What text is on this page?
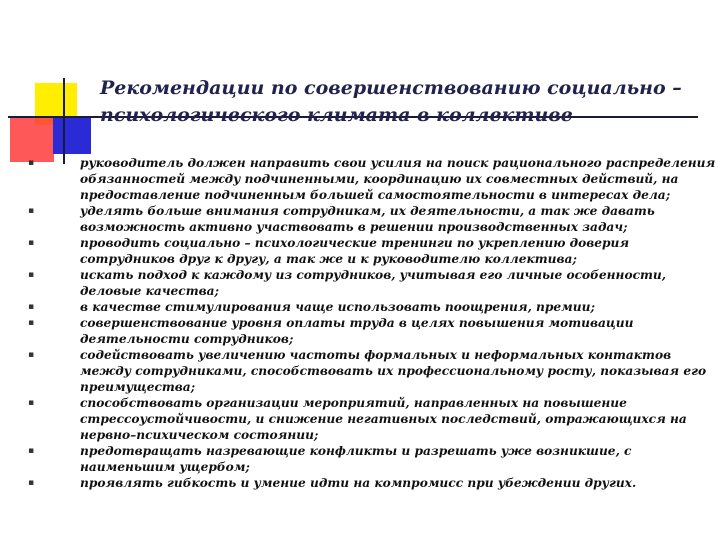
Рекомендации по совершенствованию социально –
психологического климата в коллективе
▪	руководитель должен направить свои усилия на поиск рационального распределения
обязанностей между подчиненными, координацию их совместных действий, на
предоставление подчиненным большей самостоятельности в интересах дела;
▪	уделять больше внимания сотрудникам, их деятельности, а так же давать
возможность активно участвовать в решении производственных задач;
▪	проводить социально – психологические тренинги по укреплению доверия
сотрудников друг к другу, а так же и к руководителю коллектива;
▪	искать подход к каждому из сотрудников, учитывая его личные особенности,
деловые качества;
▪	в качестве стимулирования чаще использовать поощрения, премии;
▪	совершенствование уровня оплаты труда в целях повышения мотивации
деятельности сотрудников;
▪	содействовать увеличению частоты формальных и неформальных контактов
между сотрудниками, способствовать их профессиональному росту, показывая его
преимущества;
▪	способствовать организации мероприятий, направленных на повышение
стрессоустойчивости, и снижение негативных последствий, отражающихся на
нервно–психическом состоянии;
▪	предотвращать назревающие конфликты и разрешать уже возникшие, с
наименьшим ущербом;
▪	проявлять гибкость и умение идти на компромисс при убеждении других.
